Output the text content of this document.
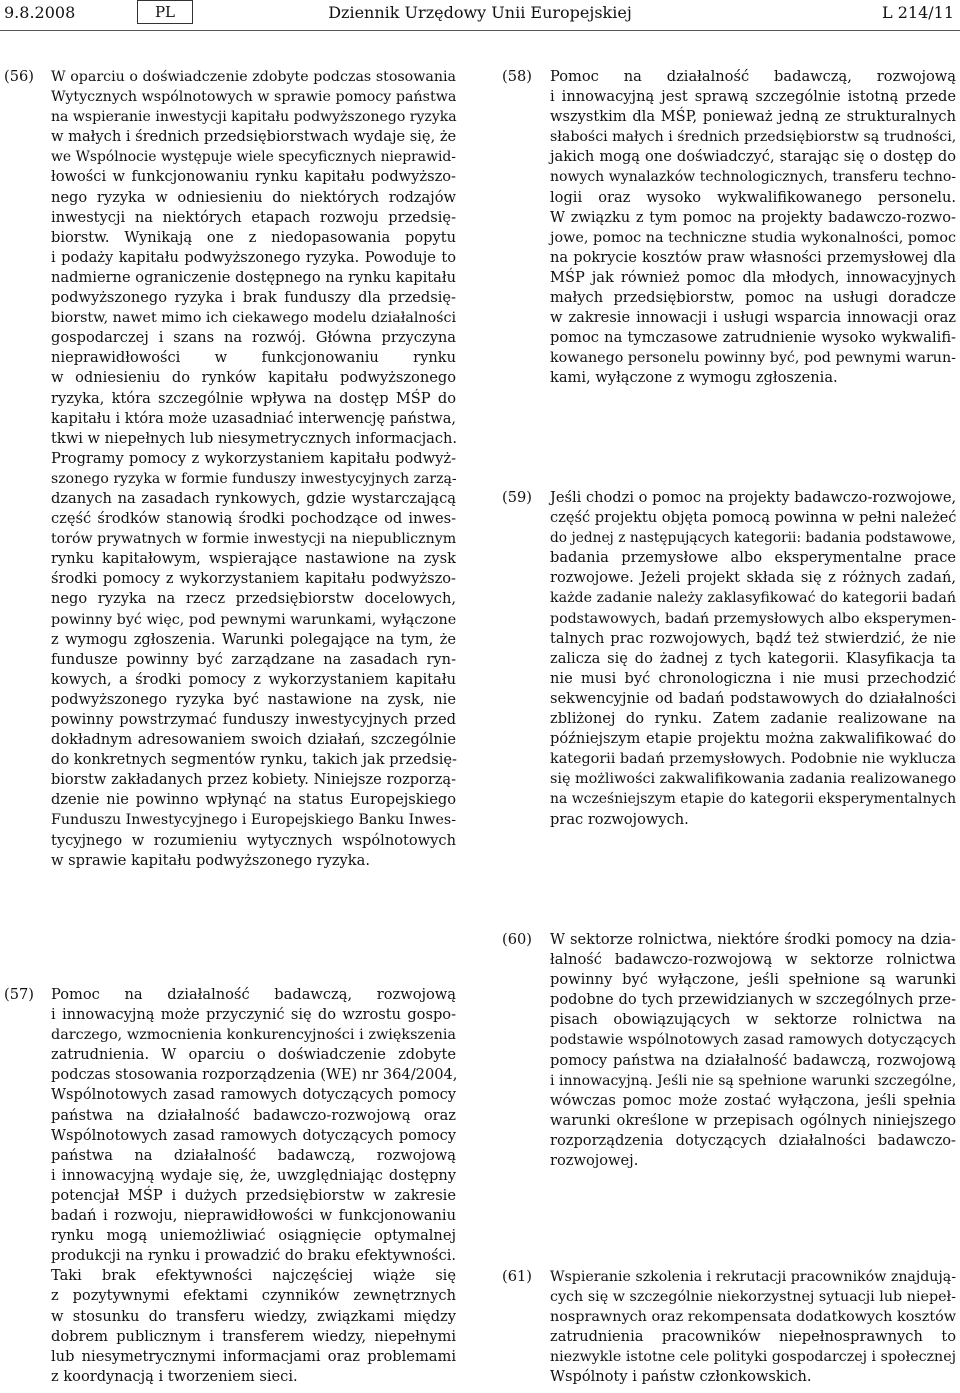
9.8.2008	PL	Dziennik Urzędowy Unii Europejskiej	L 214/11
(56) W oparciu o doświadczenie zdobyte podczas stosowania
Wytycznych wspólnotowych w sprawie pomocy państwa
na wspieranie inwestycji kapitału podwyższonego ryzyka
w małych i średnich przedsiębiorstwach wydaje się, że
we Wspólnocie występuje wiele specyficznych nieprawid-
łowości w funkcjonowaniu rynku kapitału podwyższo-
nego ryzyka w odniesieniu do niektórych rodzajów
inwestycji na niektórych etapach rozwoju przedsię-
biorstw. Wynikają one z niedopasowania popytu
i podaży kapitału podwyższonego ryzyka. Powoduje to
nadmierne ograniczenie dostępnego na rynku kapitału
podwyższonego ryzyka i brak funduszy dla przedsię-
biorstw, nawet mimo ich ciekawego modelu działalności
gospodarczej i szans na rozwój. Główna przyczyna
nieprawidłowości w funkcjonowaniu rynku
w odniesieniu do rynków kapitału podwyższonego
ryzyka, która szczególnie wpływa na dostęp MŚP do
kapitału i która może uzasadniać interwencję państwa,
tkwi w niepełnych lub niesymetrycznych informacjach.
Programy pomocy z wykorzystaniem kapitału podwyż-
szonego ryzyka w formie funduszy inwestycyjnych zarzą-
dzanych na zasadach rynkowych, gdzie wystarczającą
część środków stanowią środki pochodzące od inwes-
torów prywatnych w formie inwestycji na niepublicznym
rynku kapitałowym, wspierające nastawione na zysk
środki pomocy z wykorzystaniem kapitału podwyższo-
nego ryzyka na rzecz przedsiębiorstw docelowych,
powinny być więc, pod pewnymi warunkami, wyłączone
z wymogu zgłoszenia. Warunki polegające na tym, że
fundusze powinny być zarządzane na zasadach ryn-
kowych, a środki pomocy z wykorzystaniem kapitału
podwyższonego ryzyka być nastawione na zysk, nie
powinny powstrzymać funduszy inwestycyjnych przed
dokładnym adresowaniem swoich działań, szczególnie
do konkretnych segmentów rynku, takich jak przedsię-
biorstw zakładanych przez kobiety. Niniejsze rozporzą-
dzenie nie powinno wpłynąć na status Europejskiego
Funduszu Inwestycyjnego i Europejskiego Banku Inwes-
tycyjnego w rozumieniu wytycznych wspólnotowych
w sprawie kapitału podwyższonego ryzyka.
(57) Pomoc na działalność badawczą, rozwojową
i innowacyjną może przyczynić się do wzrostu gospo-
darczego, wzmocnienia konkurencyjności i zwiększenia
zatrudnienia. W oparciu o doświadczenie zdobyte
podczas stosowania rozporządzenia (WE) nr 364/2004,
Wspólnotowych zasad ramowych dotyczących pomocy
państwa na działalność badawczo-rozwojową oraz
Wspólnotowych zasad ramowych dotyczących pomocy
państwa na działalność badawczą, rozwojową
i innowacyjną wydaje się, że, uwzględniając dostępny
potencjał MŚP i dużych przedsiębiorstw w zakresie
badań i rozwoju, nieprawidłowości w funkcjonowaniu
rynku mogą uniemożliwiać osiągnięcie optymalnej
produkcji na rynku i prowadzić do braku efektywności.
Taki brak efektywności najczęściej wiąże się
z pozytywnymi efektami czynników zewnętrznych
w stosunku do transferu wiedzy, związkami między
dobrem publicznym i transferem wiedzy, niepełnymi
lub niesymetrycznymi informacjami oraz problemami
z koordynacją i tworzeniem sieci.
(58) Pomoc na działalność badawczą, rozwojową
i innowacyjną jest sprawą szczególnie istotną przede
wszystkim dla MŚP, ponieważ jedną ze strukturalnych
słabości małych i średnich przedsiębiorstw są trudności,
jakich mogą one doświadczyć, starając się o dostęp do
nowych wynalazków technologicznych, transferu techno-
logii oraz wysoko wykwalifikowanego personelu.
W związku z tym pomoc na projekty badawczo-rozwo-
jowe, pomoc na techniczne studia wykonalności, pomoc
na pokrycie kosztów praw własności przemysłowej dla
MŚP jak również pomoc dla młodych, innowacyjnych
małych przedsiębiorstw, pomoc na usługi doradcze
w zakresie innowacji i usługi wsparcia innowacji oraz
pomoc na tymczasowe zatrudnienie wysoko wykwalifi-
kowanego personelu powinny być, pod pewnymi warun-
kami, wyłączone z wymogu zgłoszenia.
(59) Jeśli chodzi o pomoc na projekty badawczo-rozwojowe,
część projektu objęta pomocą powinna w pełni należeć
do jednej z następujących kategorii: badania podstawowe,
badania przemysłowe albo eksperymentalne prace
rozwojowe. Jeżeli projekt składa się z różnych zadań,
każde zadanie należy zaklasyfikować do kategorii badań
podstawowych, badań przemysłowych albo eksperymen-
talnych prac rozwojowych, bądź też stwierdzić, że nie
zalicza się do żadnej z tych kategorii. Klasyfikacja ta
nie musi być chronologiczna i nie musi przechodzić
sekwencyjnie od badań podstawowych do działalności
zbliżonej do rynku. Zatem zadanie realizowane na
późniejszym etapie projektu można zakwalifikować do
kategorii badań przemysłowych. Podobnie nie wyklucza
się możliwości zakwalifikowania zadania realizowanego
na wcześniejszym etapie do kategorii eksperymentalnych
prac rozwojowych.
(60) W sektorze rolnictwa, niektóre środki pomocy na dzia-
łalność badawczo-rozwojową w sektorze rolnictwa
powinny być wyłączone, jeśli spełnione są warunki
podobne do tych przewidzianych w szczególnych prze-
pisach obowiązujących w sektorze rolnictwa na
podstawie wspólnotowych zasad ramowych dotyczących
pomocy państwa na działalność badawczą, rozwojową
i innowacyjną. Jeśli nie są spełnione warunki szczególne,
wówczas pomoc może zostać wyłączona, jeśli spełnia
warunki określone w przepisach ogólnych niniejszego
rozporządzenia dotyczących działalności badawczo-
rozwojowej.
(61) Wspieranie szkolenia i rekrutacji pracowników znajdują-
cych się w szczególnie niekorzystnej sytuacji lub niepeł-
nosprawnych oraz rekompensata dodatkowych kosztów
zatrudnienia pracowników niepełnosprawnych to
niezwykle istotne cele polityki gospodarczej i społecznej
Wspólnoty i państw członkowskich.
